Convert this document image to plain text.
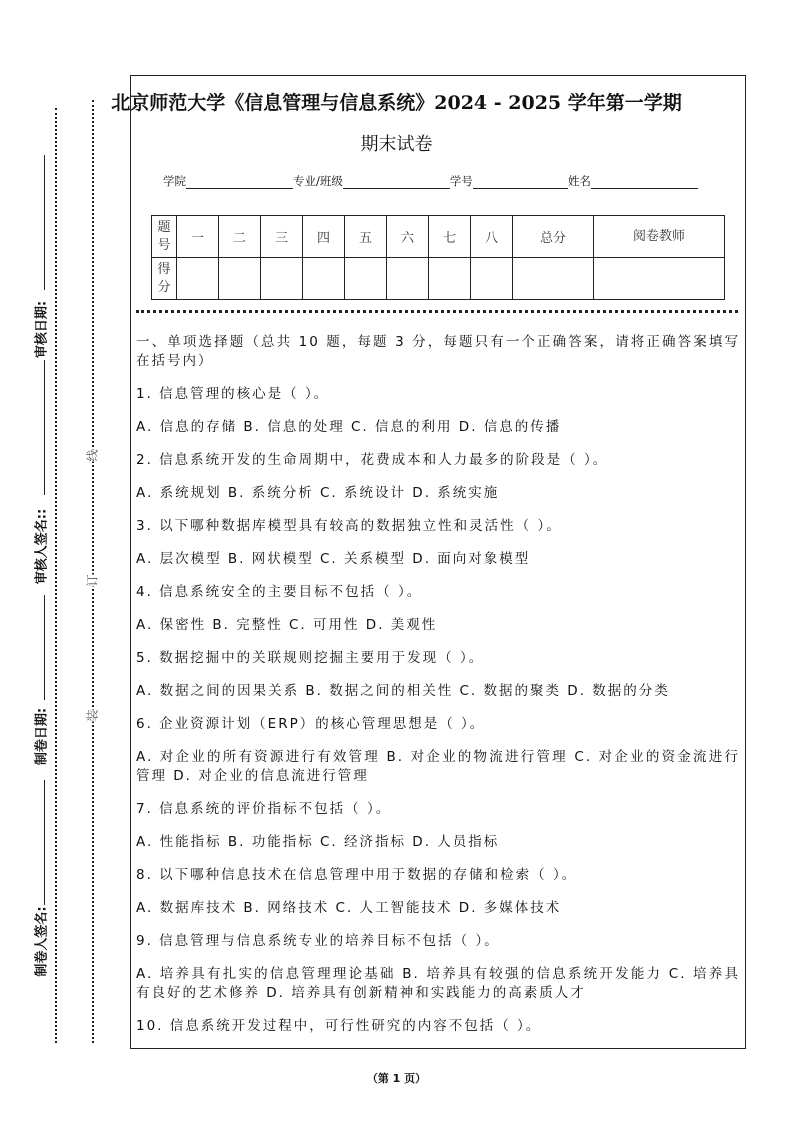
审核日期:
审核人签名::
制卷日期:
制卷人签名:
线
订
装
北京师范大学《信息管理与信息系统》2024 - 2025 学年第一学期
期末试卷
学院	专业/班级	学号	姓名
题号	一	二	三	四	五	六	七	八	总分	阅卷教师
得分										

一、单项选择题（总共 10 题，每题 3 分，每题只有一个正确答案，请将正确答案填写在括号内）

1. 信息管理的核心是（ ）。

A. 信息的存储 B. 信息的处理 C. 信息的利用 D. 信息的传播

2. 信息系统开发的生命周期中，花费成本和人力最多的阶段是（ ）。

A. 系统规划 B. 系统分析 C. 系统设计 D. 系统实施

3. 以下哪种数据库模型具有较高的数据独立性和灵活性（ ）。

A. 层次模型 B. 网状模型 C. 关系模型 D. 面向对象模型

4. 信息系统安全的主要目标不包括（ ）。

A. 保密性 B. 完整性 C. 可用性 D. 美观性

5. 数据挖掘中的关联规则挖掘主要用于发现（ ）。

A. 数据之间的因果关系 B. 数据之间的相关性 C. 数据的聚类 D. 数据的分类

6. 企业资源计划（ERP）的核心管理思想是（ ）。

A. 对企业的所有资源进行有效管理 B. 对企业的物流进行管理 C. 对企业的资金流进行管理 D. 对企业的信息流进行管理

7. 信息系统的评价指标不包括（ ）。

A. 性能指标 B. 功能指标 C. 经济指标 D. 人员指标

8. 以下哪种信息技术在信息管理中用于数据的存储和检索（ ）。

A. 数据库技术 B. 网络技术 C. 人工智能技术 D. 多媒体技术

9. 信息管理与信息系统专业的培养目标不包括（ ）。

A. 培养具有扎实的信息管理理论基础 B. 培养具有较强的信息系统开发能力 C. 培养具有良好的艺术修养 D. 培养具有创新精神和实践能力的高素质人才

10. 信息系统开发过程中，可行性研究的内容不包括（ ）。

（第 1 页）
